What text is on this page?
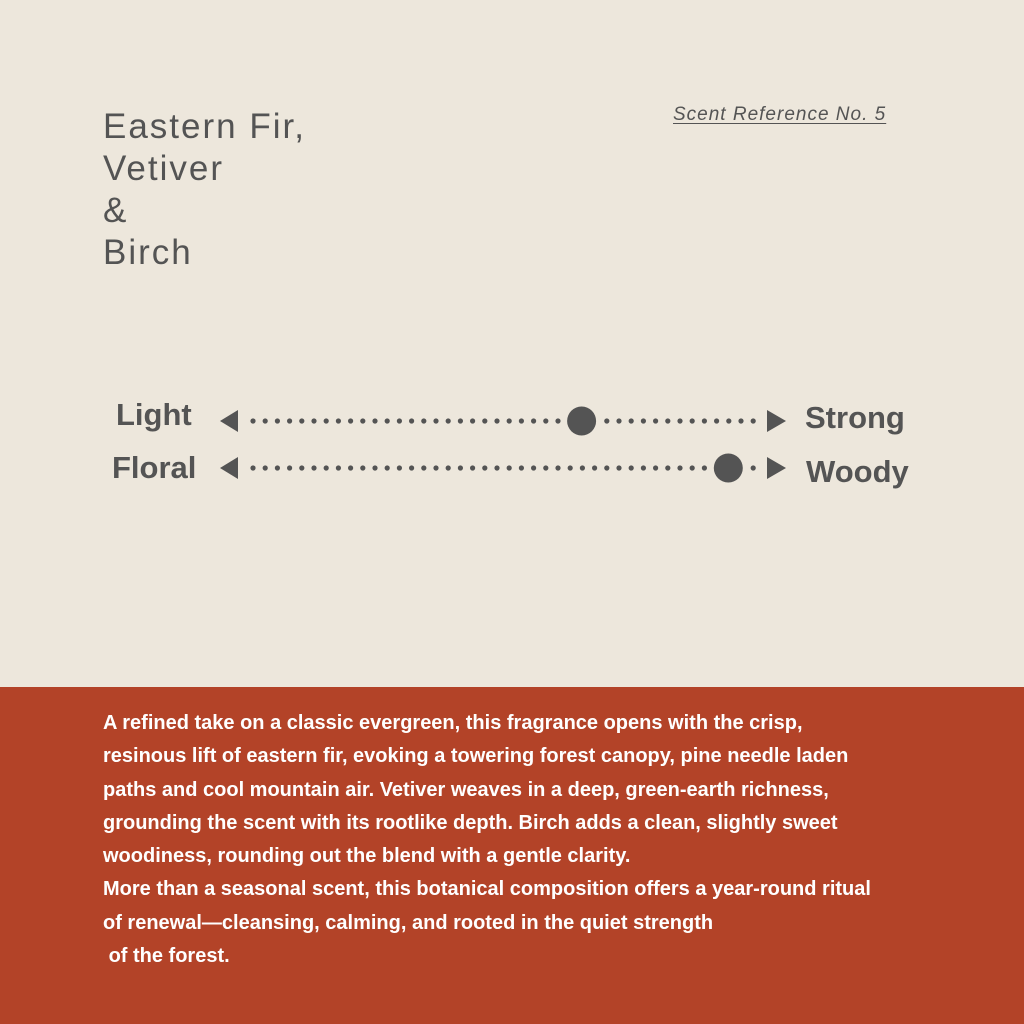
Eastern Fir,
Vetiver
&
Birch
Scent Reference No. 5
Light	Strong
Floral	Woody

A refined take on a classic evergreen, this fragrance opens with the crisp,

resinous lift of eastern fir, evoking a towering forest canopy, pine needle laden

paths and cool mountain air. Vetiver weaves in a deep, green-earth richness,

grounding the scent with its rootlike depth. Birch adds a clean, slightly sweet

woodiness, rounding out the blend with a gentle clarity.

More than a seasonal scent, this botanical composition offers a year-round ritual

of renewal—cleansing, calming, and rooted in the quiet strength

of the forest.
